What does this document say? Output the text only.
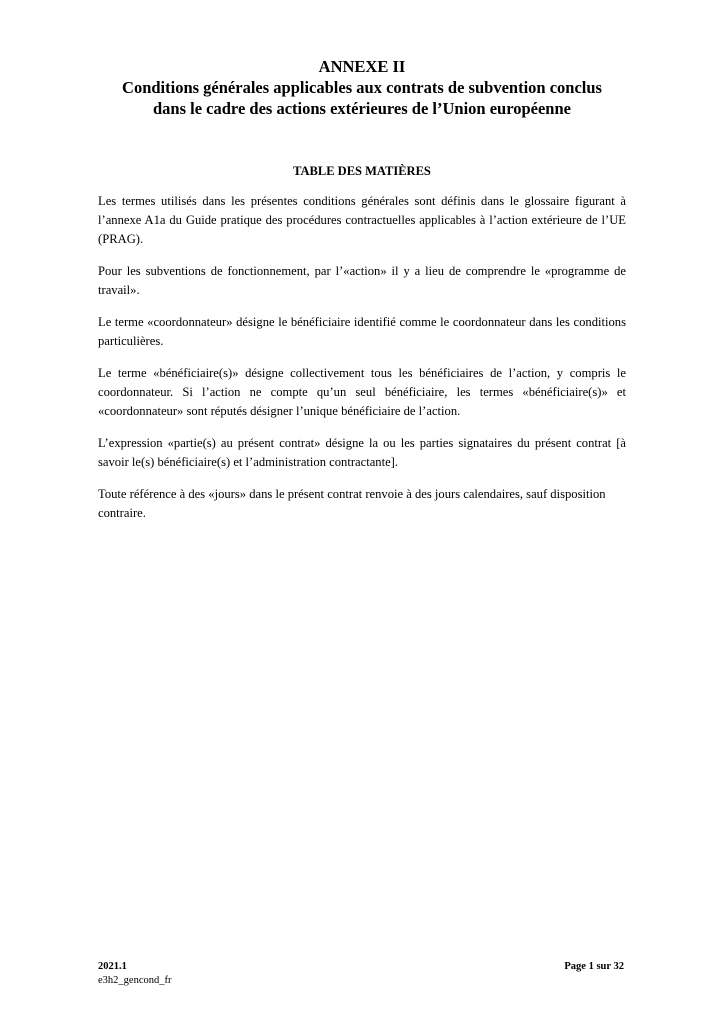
ANNEXE II
Conditions générales applicables aux contrats de subvention conclus
dans le cadre des actions extérieures de l’Union européenne
TABLE DES MATIÈRES

Les termes utilisés dans les présentes conditions générales sont définis dans le glossaire figurant à l’annexe A1a du Guide pratique des procédures contractuelles applicables à l’action extérieure de l’UE (PRAG).

Pour les subventions de fonctionnement, par l’«action» il y a lieu de comprendre le «programme de travail».

Le terme «coordonnateur» désigne le bénéficiaire identifié comme le coordonnateur dans les conditions particulières.

Le terme «bénéficiaire(s)» désigne collectivement tous les bénéficiaires de l’action, y compris le coordonnateur. Si l’action ne compte qu’un seul bénéficiaire, les termes «bénéficiaire(s)» et «coordonnateur» sont réputés désigner l’unique bénéficiaire de l’action.

L’expression «partie(s) au présent contrat» désigne la ou les parties signataires du présent contrat [à savoir le(s) bénéficiaire(s) et l’administration contractante].

Toute référence à des «jours» dans le présent contrat renvoie à des jours calendaires, sauf disposition contraire.

2021.1
e3h2_gencond_fr
Page 1 sur 32
